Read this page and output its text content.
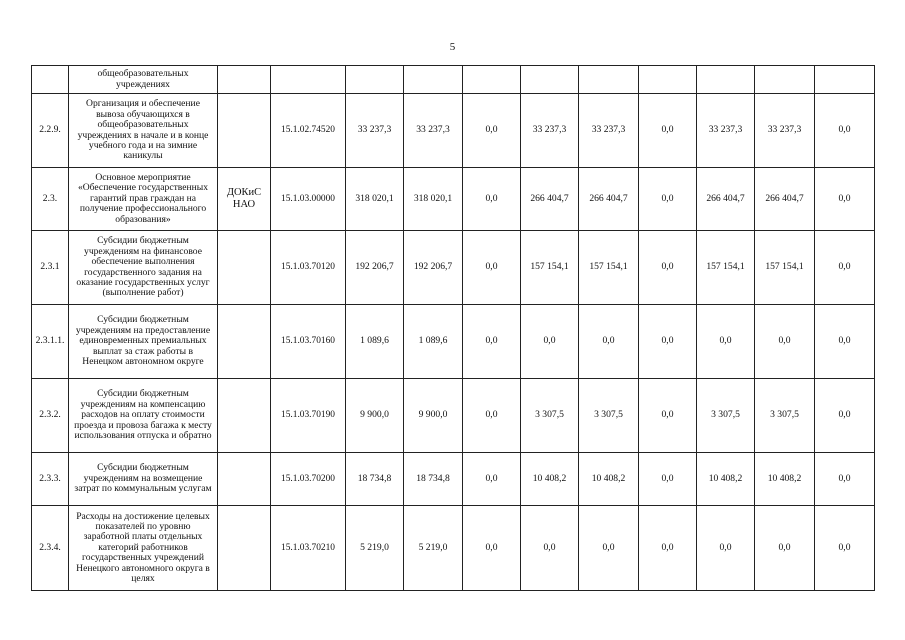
5
	общеобразовательных учреждениях											
2.2.9.	Организация и обеспечение вывоза обучающихся в общеобразовательных учреждениях в начале и в конце учебного года и на зимние каникулы		15.1.02.74520	33 237,3	33 237,3	0,0	33 237,3	33 237,3	0,0	33 237,3	33 237,3	0,0
2.3.	Основное мероприятие «Обеспечение государственных гарантий прав граждан на получение профессионального образования»	ДОКиС НАО	15.1.03.00000	318 020,1	318 020,1	0,0	266 404,7	266 404,7	0,0	266 404,7	266 404,7	0,0
2.3.1	Субсидии бюджетным учреждениям на финансовое обеспечение выполнения государственного задания на оказание государственных услуг (выполнение работ)		15.1.03.70120	192 206,7	192 206,7	0,0	157 154,1	157 154,1	0,0	157 154,1	157 154,1	0,0
2.3.1.1.	Субсидии бюджетным учреждениям на предоставление единовременных премиальных выплат за стаж работы в Ненецком автономном округе		15.1.03.70160	1 089,6	1 089,6	0,0	0,0	0,0	0,0	0,0	0,0	0,0
2.3.2.	Субсидии бюджетным учреждениям на компенсацию расходов на оплату стоимости проезда и провоза багажа к месту использования отпуска и обратно		15.1.03.70190	9 900,0	9 900,0	0,0	3 307,5	3 307,5	0,0	3 307,5	3 307,5	0,0
2.3.3.	Субсидии бюджетным учреждениям на возмещение затрат по коммунальным услугам		15.1.03.70200	18 734,8	18 734,8	0,0	10 408,2	10 408,2	0,0	10 408,2	10 408,2	0,0
2.3.4.	Расходы на достижение целевых показателей по уровню заработной платы отдельных категорий работников государственных учреждений Ненецкого автономного округа в целях		15.1.03.70210	5 219,0	5 219,0	0,0	0,0	0,0	0,0	0,0	0,0	0,0
